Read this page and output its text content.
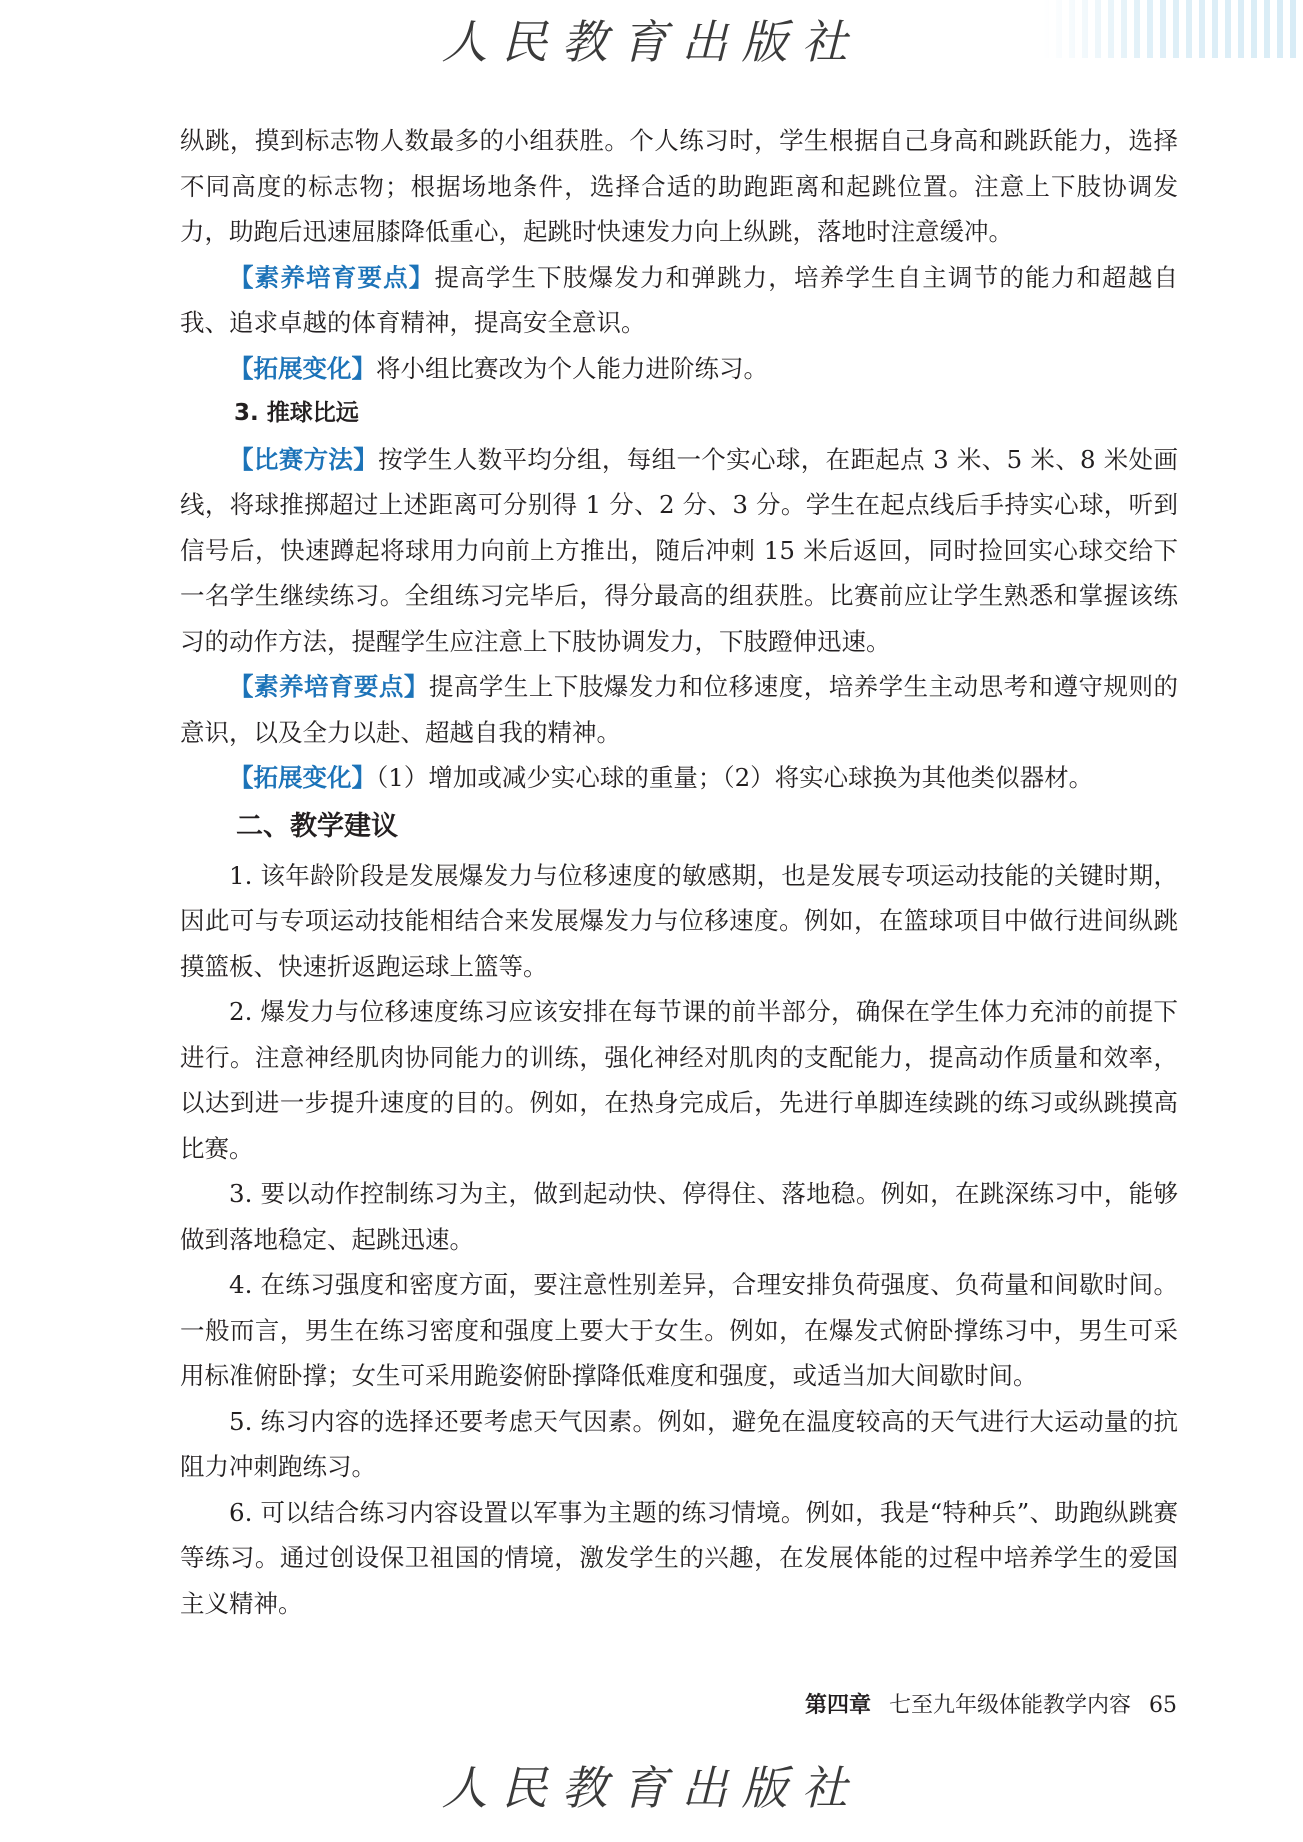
人民教育出版社

纵跳，摸到标志物人数最多的小组获胜。个人练习时，学生根据自己身高和跳跃能力，选择不同高度的标志物；根据场地条件，选择合适的助跑距离和起跳位置。注意上下肢协调发力，助跑后迅速屈膝降低重心，起跳时快速发力向上纵跳，落地时注意缓冲。

【素养培育要点】提高学生下肢爆发力和弹跳力，培养学生自主调节的能力和超越自我、追求卓越的体育精神，提高安全意识。

【拓展变化】将小组比赛改为个人能力进阶练习。

3. 推球比远

【比赛方法】按学生人数平均分组，每组一个实心球，在距起点 3 米、5 米、8 米处画线，将球推掷超过上述距离可分别得 1 分、2 分、3 分。学生在起点线后手持实心球，听到信号后，快速蹲起将球用力向前上方推出，随后冲刺 15 米后返回，同时捡回实心球交给下一名学生继续练习。全组练习完毕后，得分最高的组获胜。比赛前应让学生熟悉和掌握该练习的动作方法，提醒学生应注意上下肢协调发力，下肢蹬伸迅速。

【素养培育要点】提高学生上下肢爆发力和位移速度，培养学生主动思考和遵守规则的意识，以及全力以赴、超越自我的精神。

【拓展变化】（1）增加或减少实心球的重量；（2）将实心球换为其他类似器材。

二、教学建议

1. 该年龄阶段是发展爆发力与位移速度的敏感期，也是发展专项运动技能的关键时期，因此可与专项运动技能相结合来发展爆发力与位移速度。例如，在篮球项目中做行进间纵跳摸篮板、快速折返跑运球上篮等。

2. 爆发力与位移速度练习应该安排在每节课的前半部分，确保在学生体力充沛的前提下进行。注意神经肌肉协同能力的训练，强化神经对肌肉的支配能力，提高动作质量和效率，以达到进一步提升速度的目的。例如，在热身完成后，先进行单脚连续跳的练习或纵跳摸高比赛。

3. 要以动作控制练习为主，做到起动快、停得住、落地稳。例如，在跳深练习中，能够做到落地稳定、起跳迅速。

4. 在练习强度和密度方面，要注意性别差异，合理安排负荷强度、负荷量和间歇时间。一般而言，男生在练习密度和强度上要大于女生。例如，在爆发式俯卧撑练习中，男生可采用标准俯卧撑；女生可采用跪姿俯卧撑降低难度和强度，或适当加大间歇时间。

5. 练习内容的选择还要考虑天气因素。例如，避免在温度较高的天气进行大运动量的抗阻力冲刺跑练习。

6. 可以结合练习内容设置以军事为主题的练习情境。例如，我是“特种兵”、助跑纵跳赛等练习。通过创设保卫祖国的情境，激发学生的兴趣，在发展体能的过程中培养学生的爱国主义精神。

第四章 七至九年级体能教学内容 65
人民教育出版社
